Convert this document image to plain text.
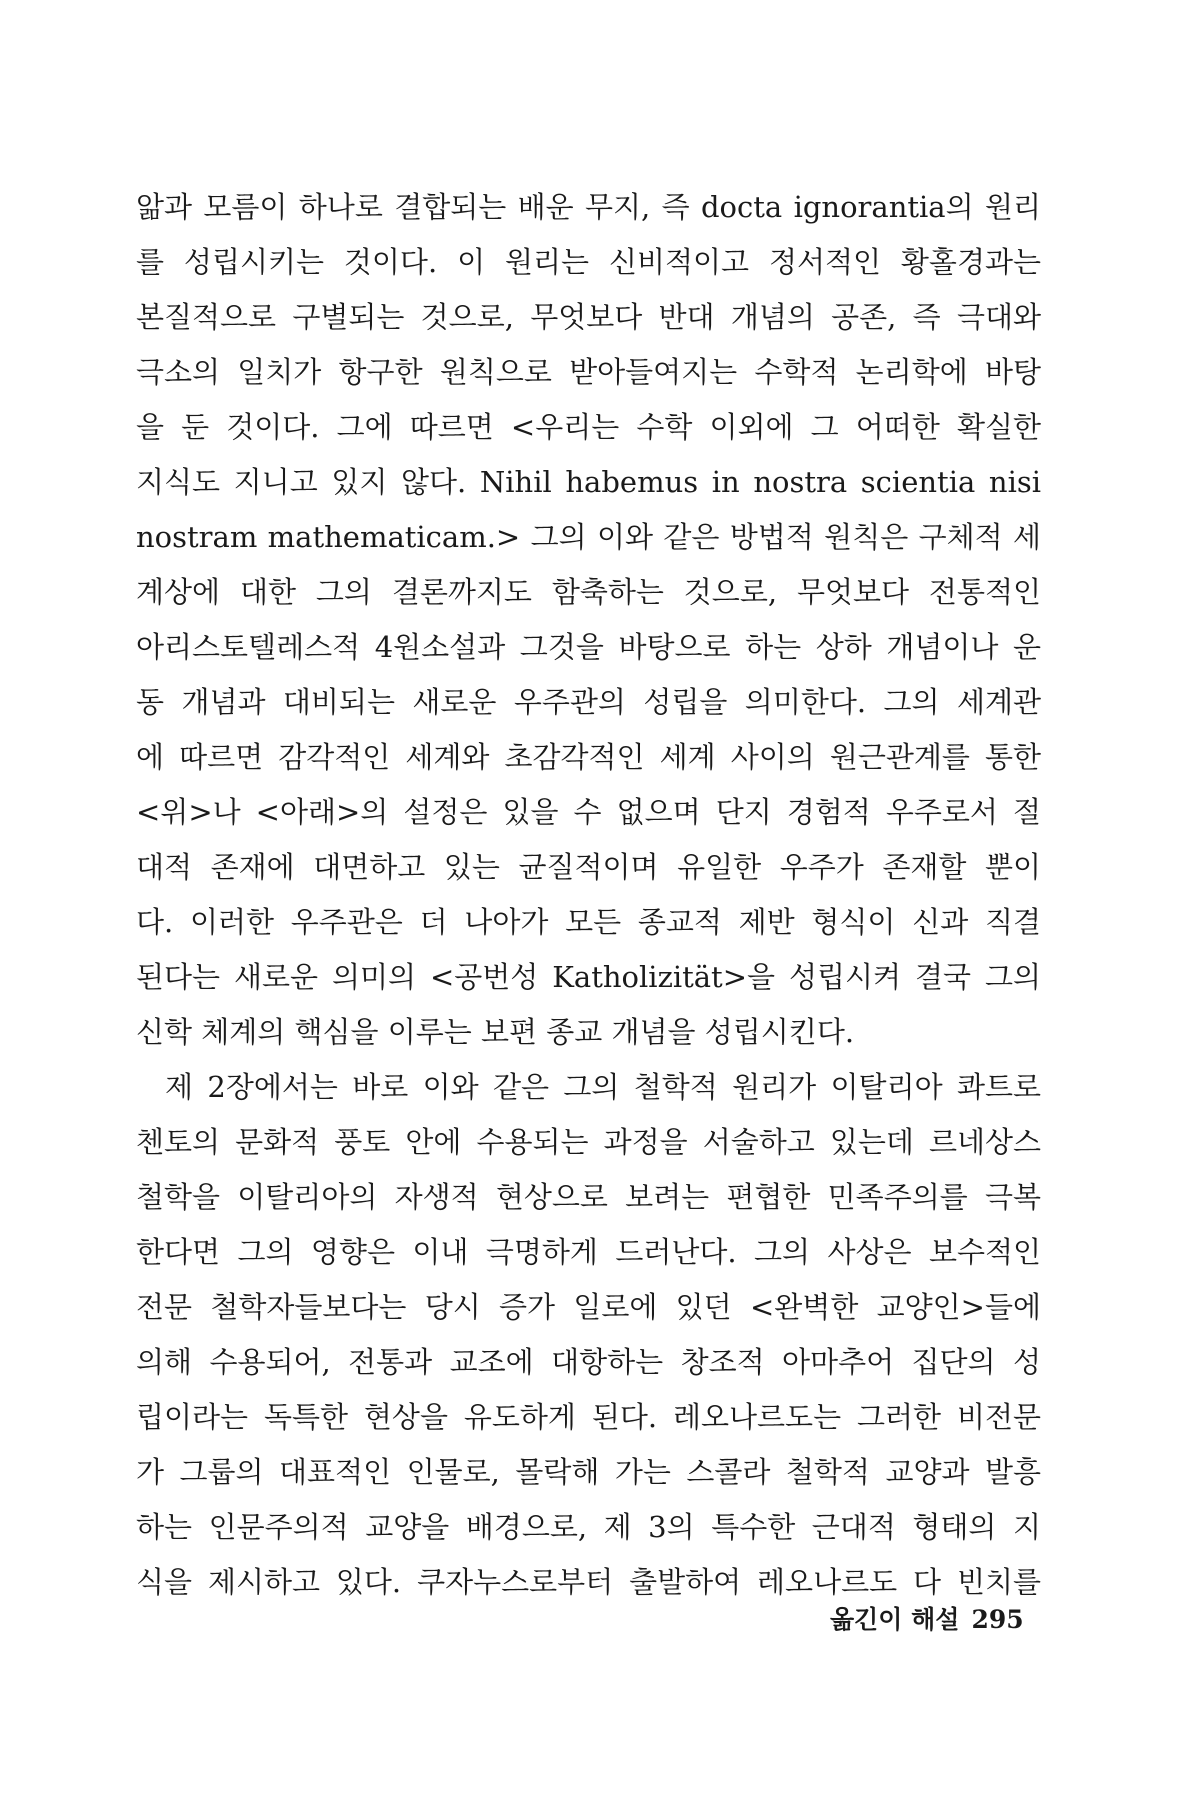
앎과 모름이 하나로 결합되는 배운 무지, 즉 docta ignorantia의 원리
를 성립시키는 것이다. 이 원리는 신비적이고 정서적인 황홀경과는
본질적으로 구별되는 것으로, 무엇보다 반대 개념의 공존, 즉 극대와
극소의 일치가 항구한 원칙으로 받아들여지는 수학적 논리학에 바탕
을 둔 것이다. 그에 따르면 <우리는 수학 이외에 그 어떠한 확실한
지식도 지니고 있지 않다. Nihil habemus in nostra scientia nisi
nostram mathematicam.> 그의 이와 같은 방법적 원칙은 구체적 세
계상에 대한 그의 결론까지도 함축하는 것으로, 무엇보다 전통적인
아리스토텔레스적 4원소설과 그것을 바탕으로 하는 상하 개념이나 운
동 개념과 대비되는 새로운 우주관의 성립을 의미한다. 그의 세계관
에 따르면 감각적인 세계와 초감각적인 세계 사이의 원근관계를 통한
<위>나 <아래>의 설정은 있을 수 없으며 단지 경험적 우주로서 절
대적 존재에 대면하고 있는 균질적이며 유일한 우주가 존재할 뿐이
다. 이러한 우주관은 더 나아가 모든 종교적 제반 형식이 신과 직결
된다는 새로운 의미의 <공번성 Katholizität>을 성립시켜 결국 그의
신학 체계의 핵심을 이루는 보편 종교 개념을 성립시킨다.

제 2장에서는 바로 이와 같은 그의 철학적 원리가 이탈리아 콰트로
첸토의 문화적 풍토 안에 수용되는 과정을 서술하고 있는데 르네상스
철학을 이탈리아의 자생적 현상으로 보려는 편협한 민족주의를 극복
한다면 그의 영향은 이내 극명하게 드러난다. 그의 사상은 보수적인
전문 철학자들보다는 당시 증가 일로에 있던 <완벽한 교양인>들에
의해 수용되어, 전통과 교조에 대항하는 창조적 아마추어 집단의 성
립이라는 독특한 현상을 유도하게 된다. 레오나르도는 그러한 비전문
가 그룹의 대표적인 인물로, 몰락해 가는 스콜라 철학적 교양과 발흥
하는 인문주의적 교양을 배경으로, 제 3의 특수한 근대적 형태의 지
식을 제시하고 있다. 쿠자누스로부터 출발하여 레오나르도 다 빈치를

옮긴이 해설 295
